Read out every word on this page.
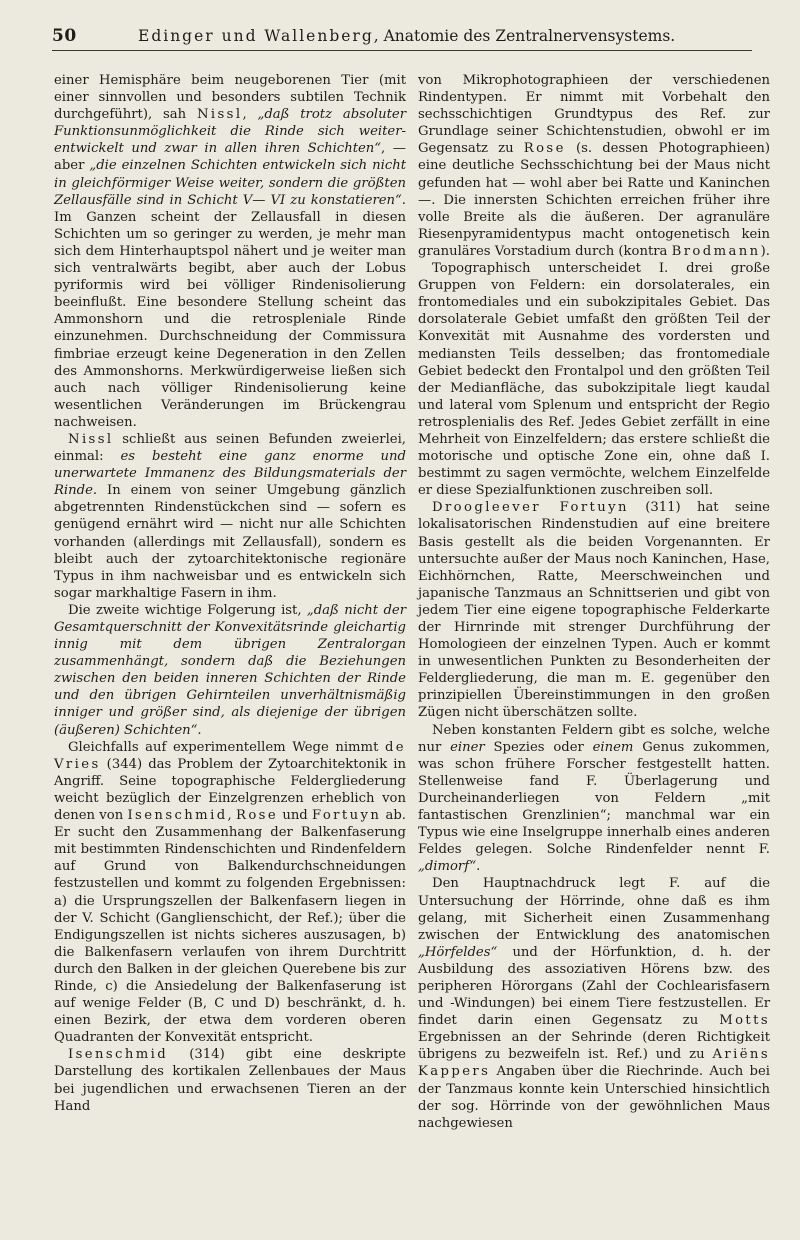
50	Edinger und Wallenberg, Anatomie des Zentralnervensystems.

einer Hemisphäre beim neugeborenen Tier (mit einer sinnvollen und besonders subtilen Technik durchgeführt), sah Nissl, „daß trotz absoluter Funktionsunmöglichkeit die Rinde sich weiter-entwickelt und zwar in allen ihren Schichten“, — aber „die einzelnen Schichten entwickeln sich nicht in gleichförmiger Weise weiter, sondern die größten Zellausfälle sind in Schicht V— VI zu konstatieren“. Im Ganzen scheint der Zellausfall in diesen Schichten um so geringer zu werden, je mehr man sich dem Hinterhauptspol nähert und je weiter man sich ventralwärts begibt, aber auch der Lobus pyriformis wird bei völliger Rindenisolierung beeinflußt. Eine besondere Stellung scheint das Ammonshorn und die retrospleniale Rinde einzunehmen. Durchschneidung der Commissura fimbriae erzeugt keine Degeneration in den Zellen des Ammonshorns. Merkwürdigerweise ließen sich auch nach völliger Rindenisolierung keine wesentlichen Veränderungen im Brückengrau nachweisen.

Nissl schließt aus seinen Befunden zweierlei, einmal: es besteht eine ganz enorme und unerwartete Immanenz des Bildungsmaterials der Rinde. In einem von seiner Umgebung gänzlich abgetrennten Rindenstückchen sind — sofern es genügend ernährt wird — nicht nur alle Schichten vorhanden (allerdings mit Zellausfall), sondern es bleibt auch der zytoarchitektonische regionäre Typus in ihm nachweisbar und es entwickeln sich sogar markhaltige Fasern in ihm.

Die zweite wichtige Folgerung ist, „daß nicht der Gesamtquerschnitt der Konvexitätsrinde gleichartig innig mit dem übrigen Zentralorgan zusammenhängt, sondern daß die Beziehungen zwischen den beiden inneren Schichten der Rinde und den übrigen Gehirnteilen unverhältnismäßig inniger und größer sind, als diejenige der übrigen (äußeren) Schichten“.

Gleichfalls auf experimentellem Wege nimmt de Vries (344) das Problem der Zytoarchitektonik in Angriff. Seine topographische Feldergliederung weicht bezüglich der Einzelgrenzen erheblich von denen von Isenschmid, Rose und Fortuyn ab. Er sucht den Zusammenhang der Balkenfaserung mit bestimmten Rindenschichten und Rindenfeldern auf Grund von Balkendurchschneidungen festzustellen und kommt zu folgenden Ergebnissen: a) die Ursprungszellen der Balkenfasern liegen in der V. Schicht (Ganglienschicht, der Ref.); über die Endigungszellen ist nichts sicheres auszusagen, b) die Balkenfasern verlaufen von ihrem Durchtritt durch den Balken in der gleichen Querebene bis zur Rinde, c) die Ansiedelung der Balkenfaserung ist auf wenige Felder (B, C und D) beschränkt, d. h. einen Bezirk, der etwa dem vorderen oberen Quadranten der Konvexität entspricht.

Isenschmid (314) gibt eine deskripte Darstellung des kortikalen Zellenbaues der Maus bei jugendlichen und erwachsenen Tieren an der Hand

von Mikrophotographieen der verschiedenen Rindentypen. Er nimmt mit Vorbehalt den sechsschichtigen Grundtypus des Ref. zur Grundlage seiner Schichtenstudien, obwohl er im Gegensatz zu Rose (s. dessen Photographieen) eine deutliche Sechsschichtung bei der Maus nicht gefunden hat — wohl aber bei Ratte und Kaninchen —. Die innersten Schichten erreichen früher ihre volle Breite als die äußeren. Der agranuläre Riesenpyramidentypus macht ontogenetisch kein granuläres Vorstadium durch (kontra Brodmann).

Topographisch unterscheidet I. drei große Gruppen von Feldern: ein dorsolaterales, ein frontomediales und ein subokzipitales Gebiet. Das dorsolaterale Gebiet umfaßt den größten Teil der Konvexität mit Ausnahme des vordersten und mediansten Teils desselben; das frontomediale Gebiet bedeckt den Frontalpol und den größten Teil der Medianfläche, das subokzipitale liegt kaudal und lateral vom Splenum und entspricht der Regio retrosplenialis des Ref. Jedes Gebiet zerfällt in eine Mehrheit von Einzelfeldern; das erstere schließt die motorische und optische Zone ein, ohne daß I. bestimmt zu sagen vermöchte, welchem Einzelfelde er diese Spezialfunktionen zuschreiben soll.

Droogleever Fortuyn (311) hat seine lokalisatorischen Rindenstudien auf eine breitere Basis gestellt als die beiden Vorgenannten. Er untersuchte außer der Maus noch Kaninchen, Hase, Eichhörnchen, Ratte, Meerschweinchen und japanische Tanzmaus an Schnittserien und gibt von jedem Tier eine eigene topographische Felderkarte der Hirnrinde mit strenger Durchführung der Homologieen der einzelnen Typen. Auch er kommt in unwesentlichen Punkten zu Besonderheiten der Feldergliederung, die man m. E. gegenüber den prinzipiellen Übereinstimmungen in den großen Zügen nicht überschätzen sollte.

Neben konstanten Feldern gibt es solche, welche nur einer Spezies oder einem Genus zukommen, was schon frühere Forscher festgestellt hatten. Stellenweise fand F. Überlagerung und Durcheinanderliegen von Feldern „mit fantastischen Grenzlinien“; manchmal war ein Typus wie eine Inselgruppe innerhalb eines anderen Feldes gelegen. Solche Rindenfelder nennt F. „dimorf“.

Den Hauptnachdruck legt F. auf die Untersuchung der Hörrinde, ohne daß es ihm gelang, mit Sicherheit einen Zusammenhang zwischen der Entwicklung des anatomischen „Hörfeldes“ und der Hörfunktion, d. h. der Ausbildung des assoziativen Hörens bzw. des peripheren Hörorgans (Zahl der Cochlearisfasern und -Windungen) bei einem Tiere festzustellen. Er findet darin einen Gegensatz zu Motts Ergebnissen an der Sehrinde (deren Richtigkeit übrigens zu bezweifeln ist. Ref.) und zu Ariëns Kappers Angaben über die Riechrinde. Auch bei der Tanzmaus konnte kein Unterschied hinsichtlich der sog. Hörrinde von der gewöhnlichen Maus nachgewiesen
